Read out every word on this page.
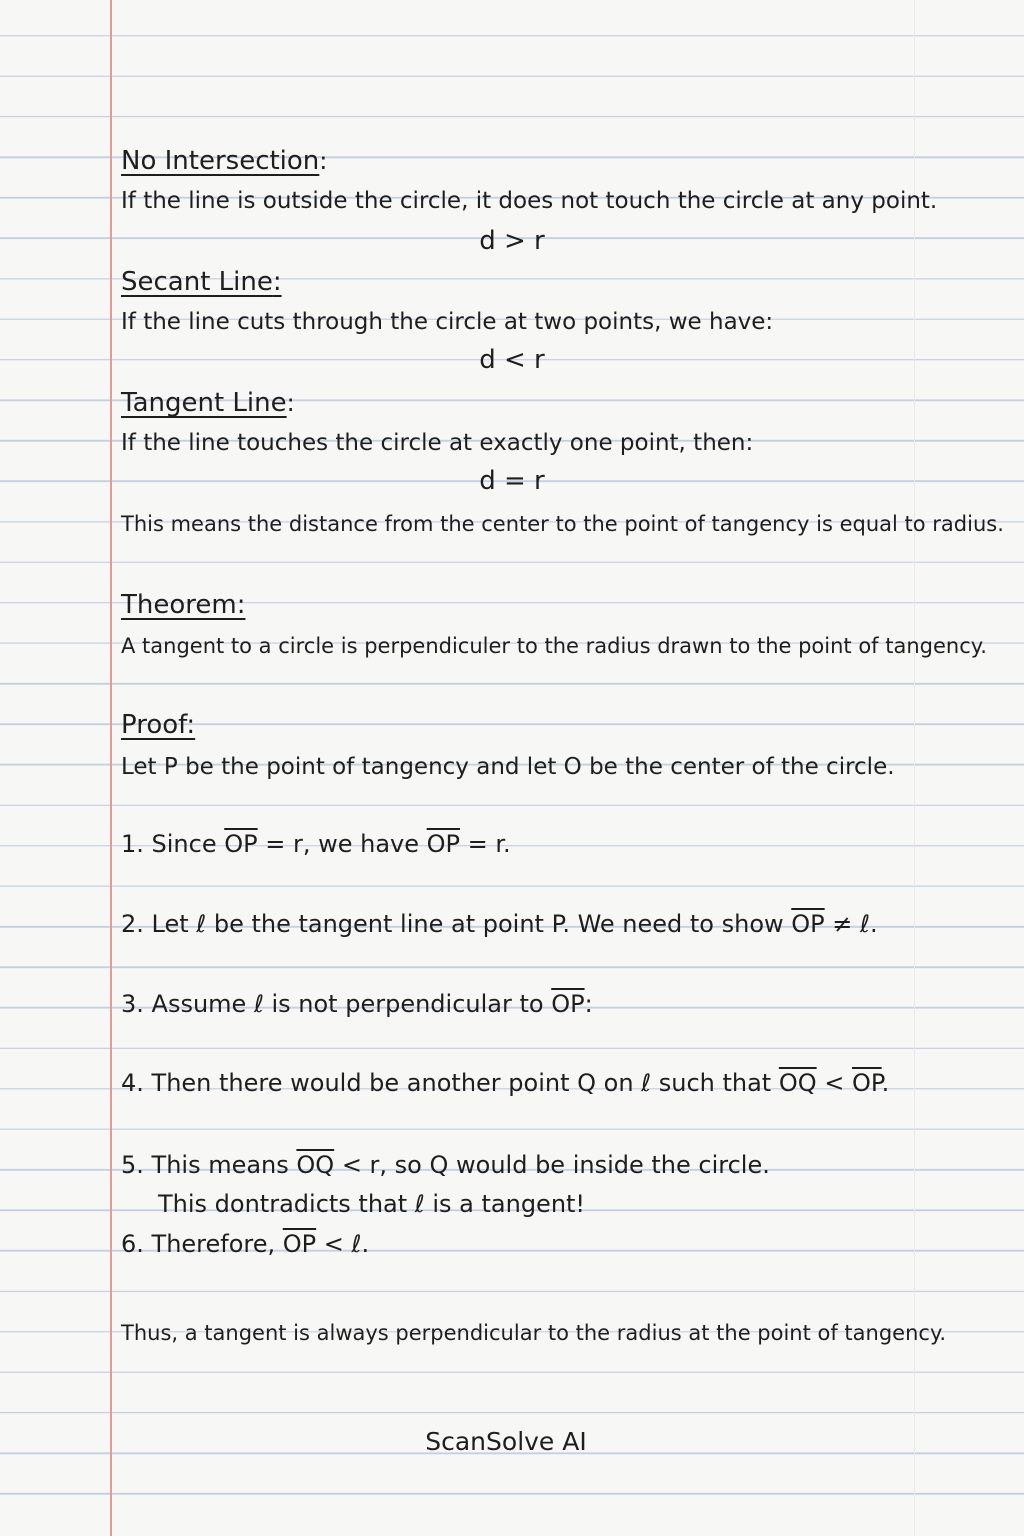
No Intersection:
If the line is outside the circle, it does not touch the circle at any point.
d > r
Secant Line:
If the line cuts through the circle at two points, we have:
d < r
Tangent Line:
If the line touches the circle at exactly one point, then:
d = r
This means the distance from the center to the point of tangency is equal to radius.
Theorem:
A tangent to a circle is perpendiculer to the radius drawn to the point of tangency.
Proof:
Let P be the point of tangency and let O be the center of the circle.
1. Since $\overline{OP} = r$, we have $\overline{OP} = r$.
2. Let ℓ be the tangent line at point P. We need to show $\overline{OP}$ ≠ ℓ.
3. Assume ℓ is not perpendicular to $\overline{OP}$:
4. Then there would be another point Q on ℓ such that $\overline{OQ} < \overline{OP}$.
5. This means $\overline{OQ} < r$, so Q would be inside the circle.
This dontradicts that ℓ is a tangent!
6. Therefore, $\overline{OP}$ < ℓ.
Thus, a tangent is always perpendicular to the radius at the point of tangency.
ScanSolve AI
